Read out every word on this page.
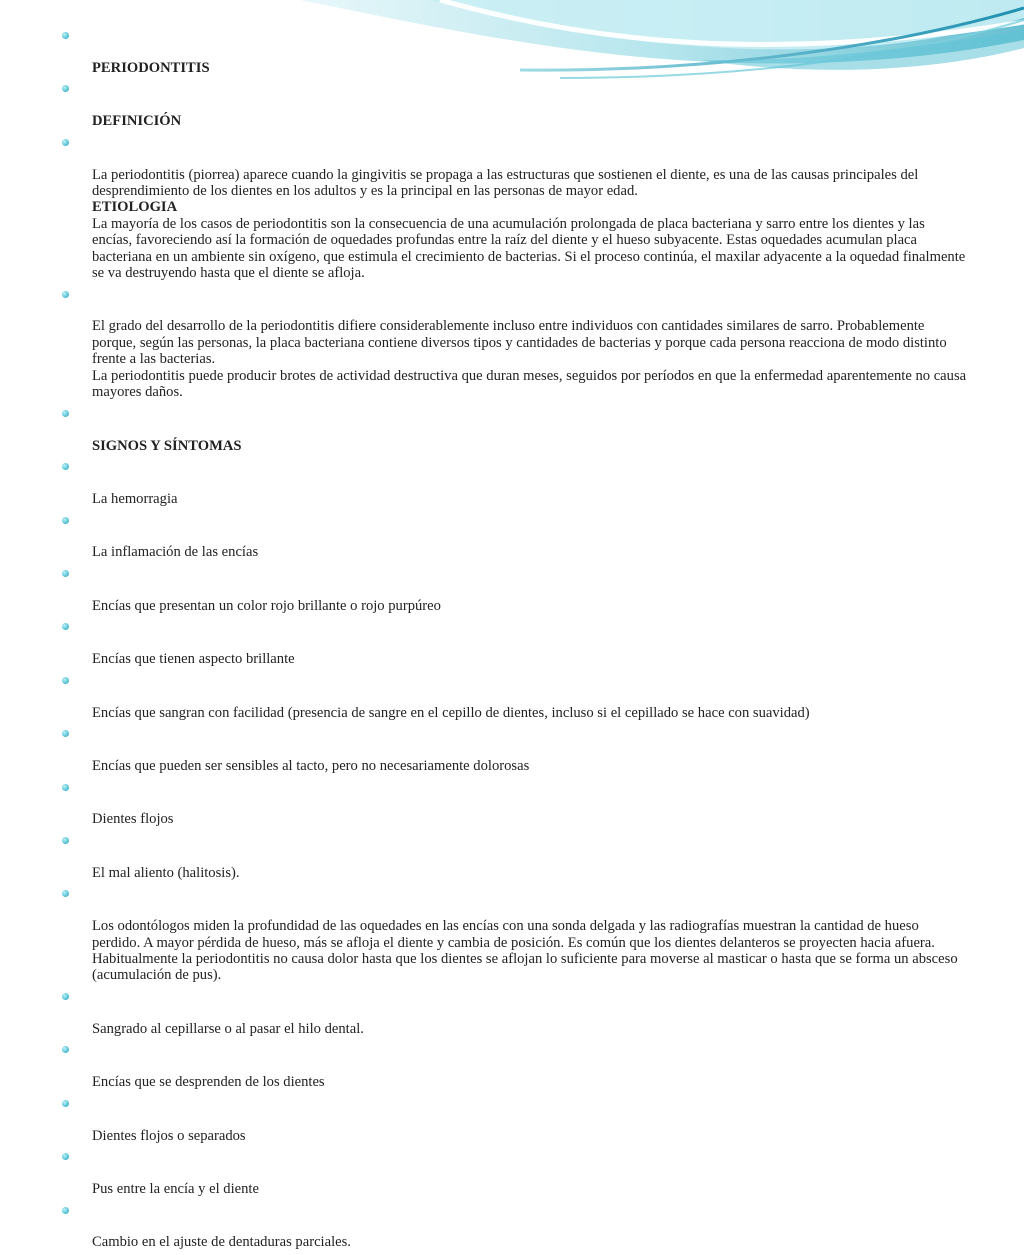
PERIODONTITIS

DEFINICIÓN

La periodontitis (piorrea) aparece cuando la gingivitis se propaga a las estructuras que sostienen el diente, es una de las causas principales del desprendimiento de los dientes en los adultos y es la principal en las personas de mayor edad.

ETIOLOGIA
La mayoría de los casos de periodontitis son la consecuencia de una acumulación prolongada de placa bacteriana y sarro entre los dientes y las encías, favoreciendo así la formación de oquedades profundas entre la raíz del diente y el hueso subyacente. Estas oquedades acumulan placa bacteriana en un ambiente sin oxígeno, que estimula el crecimiento de bacterias. Si el proceso continúa, el maxilar adyacente a la oquedad finalmente se va destruyendo hasta que el diente se afloja.

El grado del desarrollo de la periodontitis difiere considerablemente incluso entre individuos con cantidades similares de sarro. Probablemente porque, según las personas, la placa bacteriana contiene diversos tipos y cantidades de bacterias y porque cada persona reacciona de modo distinto frente a las bacterias.
La periodontitis puede producir brotes de actividad destructiva que duran meses, seguidos por períodos en que la enfermedad aparentemente no causa mayores daños.

SIGNOS Y SÍNTOMAS

La hemorragia

La inflamación de las encías

Encías que presentan un color rojo brillante o rojo purpúreo

Encías que tienen aspecto brillante

Encías que sangran con facilidad (presencia de sangre en el cepillo de dientes, incluso si el cepillado se hace con suavidad)

Encías que pueden ser sensibles al tacto, pero no necesariamente dolorosas

Dientes flojos

El mal aliento (halitosis).

Los odontólogos miden la profundidad de las oquedades en las encías con una sonda delgada y las radiografías muestran la cantidad de hueso perdido. A mayor pérdida de hueso, más se afloja el diente y cambia de posición. Es común que los dientes delanteros se proyecten hacia afuera. Habitualmente la periodontitis no causa dolor hasta que los dientes se aflojan lo suficiente para moverse al masticar o hasta que se forma un absceso (acumulación de pus).

Sangrado al cepillarse o al pasar el hilo dental.

Encías que se desprenden de los dientes

Dientes flojos o separados

Pus entre la encía y el diente

Cambio en el ajuste de dentaduras parciales.
